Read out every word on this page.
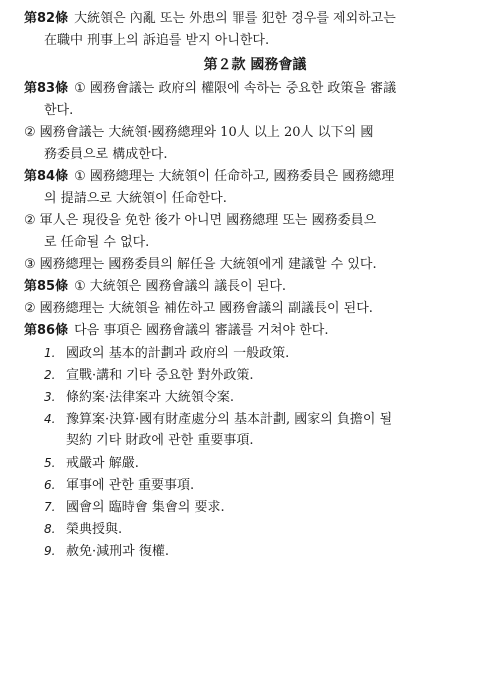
第82條 大統領은 內亂 또는 外患의 罪를 犯한 경우를 제외하고는
在職中 刑事上의 訴追를 받지 아니한다.
第２款 國務會議
第83條 ① 國務會議는 政府의 權限에 속하는 중요한 政策을 審議
한다.
② 國務會議는 大統領·國務總理와 10人 以上 20人 以下의 國
務委員으로 構成한다.
第84條 ① 國務總理는 大統領이 任命하고, 國務委員은 國務總理
의 提請으로 大統領이 任命한다.
② 軍人은 現役을 免한 後가 아니면 國務總理 또는 國務委員으
로 任命될 수 없다.
③ 國務總理는 國務委員의 解任을 大統領에게 建議할 수 있다.
第85條 ① 大統領은 國務會議의 議長이 된다.
② 國務總理는 大統領을 補佐하고 國務會議의 副議長이 된다.
第86條 다음 事項은 國務會議의 審議를 거쳐야 한다.
1. 國政의 基本的計劃과 政府의 一般政策.
2. 宣戰·講和 기타 중요한 對外政策.
3. 條約案·法律案과 大統領令案.
4. 豫算案·決算·國有財產處分의 基本計劃, 國家의 負擔이 될
契約 기타 財政에 관한 重要事項.
5. 戒嚴과 解嚴.
6. 軍事에 관한 重要事項.
7. 國會의 臨時會 集會의 要求.
8. 榮典授與.
9. 赦免·減刑과 復權.
